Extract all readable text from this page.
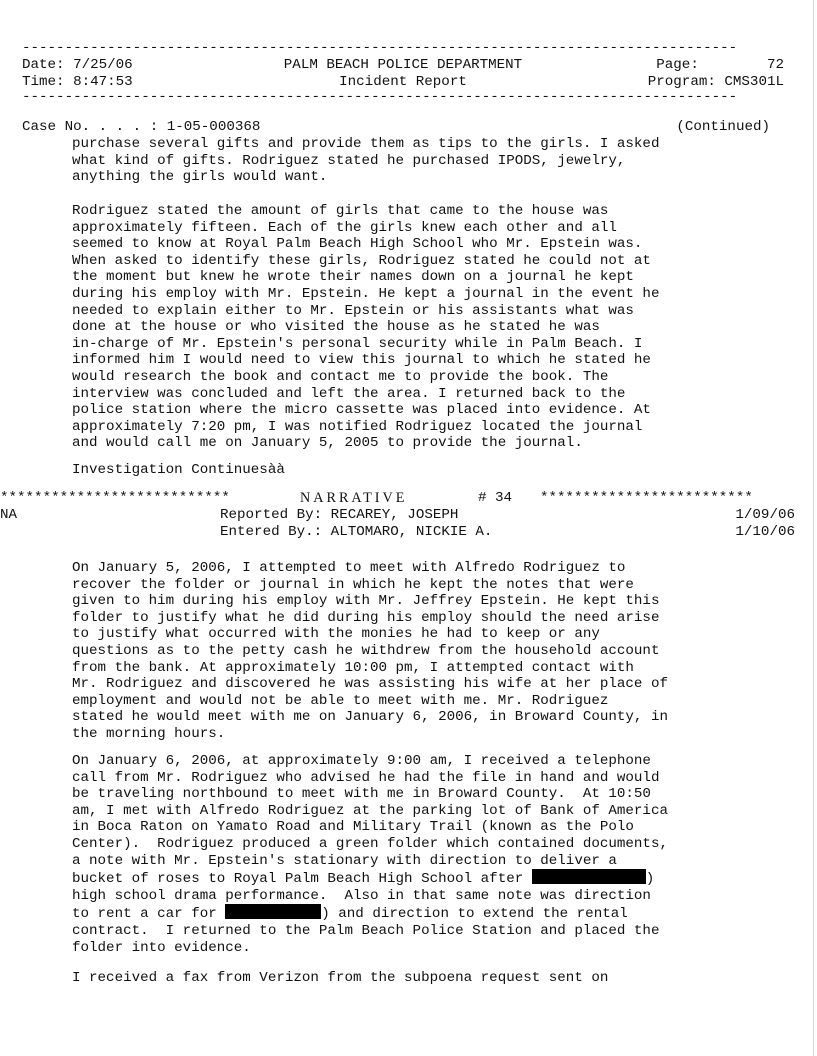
------------------------------------------------------------------------------------
Date: 7/25/06	PALM BEACH POLICE DEPARTMENT	Page:	72
Time: 8:47:53	Incident Report	Program: CMS301L
------------------------------------------------------------------------------------
Case No. . . . : 1-05-000368	(Continued)

purchase several gifts and provide them as tips to the girls. I asked
what kind of gifts. Rodriguez stated he purchased IPODS, jewelry,
anything the girls would want.

Rodriguez stated the amount of girls that came to the house was
approximately fifteen. Each of the girls knew each other and all
seemed to know at Royal Palm Beach High School who Mr. Epstein was.
When asked to identify these girls, Rodriguez stated he could not at
the moment but knew he wrote their names down on a journal he kept
during his employ with Mr. Epstein. He kept a journal in the event he
needed to explain either to Mr. Epstein or his assistants what was
done at the house or who visited the house as he stated he was
in-charge of Mr. Epstein's personal security while in Palm Beach. I
informed him I would need to view this journal to which he stated he
would research the book and contact me to provide the book. The
interview was concluded and left the area. I returned back to the
police station where the micro cassette was placed into evidence. At
approximately 7:20 pm, I was notified Rodriguez located the journal
and would call me on January 5, 2005 to provide the journal.

Investigation Continuesàà

***************************	NARRATIVE	# 34 *************************
NA	Reported By: RECAREY, JOSEPH	1/09/06
Entered By.: ALTOMARO, NICKIE A.	1/10/06

On January 5, 2006, I attempted to meet with Alfredo Rodriguez to
recover the folder or journal in which he kept the notes that were
given to him during his employ with Mr. Jeffrey Epstein. He kept this
folder to justify what he did during his employ should the need arise
to justify what occurred with the monies he had to keep or any
questions as to the petty cash he withdrew from the household account
from the bank. At approximately 10:00 pm, I attempted contact with
Mr. Rodriguez and discovered he was assisting his wife at her place of
employment and would not be able to meet with me. Mr. Rodriguez
stated he would meet with me on January 6, 2006, in Broward County, in
the morning hours.

On January 6, 2006, at approximately 9:00 am, I received a telephone
call from Mr. Rodriguez who advised he had the file in hand and would
be traveling northbound to meet with me in Broward County.  At 10:50
am, I met with Alfredo Rodriguez at the parking lot of Bank of America
in Boca Raton on Yamato Road and Military Trail (known as the Polo
Center).  Rodriguez produced a green folder which contained documents,
a note with Mr. Epstein's stationary with direction to deliver a
bucket of roses to Royal Palm Beach High School after	)
high school drama performance.  Also in that same note was direction
to rent a car for	) and direction to extend the rental
contract.  I returned to the Palm Beach Police Station and placed the
folder into evidence.

I received a fax from Verizon from the subpoena request sent on
